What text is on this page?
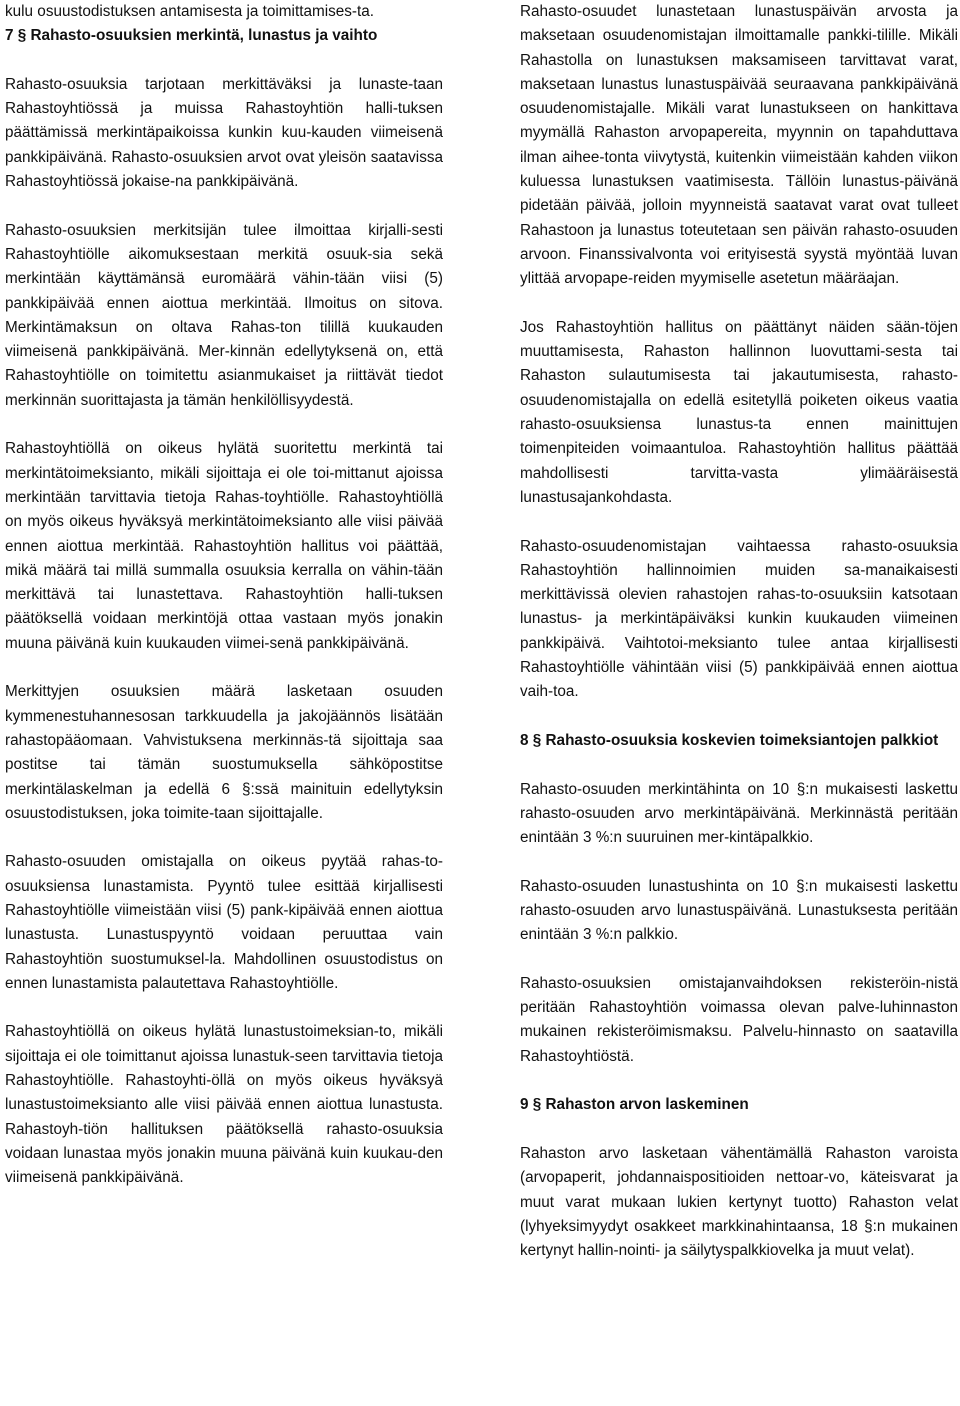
kulu osuustodistuksen antamisesta ja toimittamises-ta.

7 § Rahasto-osuuksien merkintä, lunastus ja vaihto

Rahasto-osuuksia tarjotaan merkittäväksi ja lunaste-taan Rahastoyhtiössä ja muissa Rahastoyhtiön halli-tuksen päättämissä merkintäpaikoissa kunkin kuu-kauden viimeisenä pankkipäivänä. Rahasto-osuuksien arvot ovat yleisön saatavissa Rahastoyhtiössä jokaise-na pankkipäivänä.

Rahasto-osuuksien merkitsijän tulee ilmoittaa kirjalli-sesti Rahastoyhtiölle aikomuksestaan merkitä osuuk-sia sekä merkintään käyttämänsä euromäärä vähin-tään viisi (5) pankkipäivää ennen aiottua merkintää. Ilmoitus on sitova. Merkintämaksun on oltava Rahas-ton tilillä kuukauden viimeisenä pankkipäivänä. Mer-kinnän edellytyksenä on, että Rahastoyhtiölle on toimitettu asianmukaiset ja riittävät tiedot merkinnän suorittajasta ja tämän henkilöllisyydestä.

Rahastoyhtiöllä on oikeus hylätä suoritettu merkintä tai merkintätoimeksianto, mikäli sijoittaja ei ole toi-mittanut ajoissa merkintään tarvittavia tietoja Rahas-toyhtiölle. Rahastoyhtiöllä on myös oikeus hyväksyä merkintätoimeksianto alle viisi päivää ennen aiottua merkintää. Rahastoyhtiön hallitus voi päättää, mikä määrä tai millä summalla osuuksia kerralla on vähin-tään merkittävä tai lunastettava. Rahastoyhtiön halli-tuksen päätöksellä voidaan merkintöjä ottaa vastaan myös jonakin muuna päivänä kuin kuukauden viimei-senä pankkipäivänä.

Merkittyjen osuuksien määrä lasketaan osuuden kymmenestuhannesosan tarkkuudella ja jakojäännös lisätään rahastopääomaan. Vahvistuksena merkinnäs-tä sijoittaja saa postitse tai tämän suostumuksella sähköpostitse merkintälaskelman ja edellä 6 §:ssä mainituin edellytyksin osuustodistuksen, joka toimite-taan sijoittajalle.

Rahasto-osuuden omistajalla on oikeus pyytää rahas-to-osuuksiensa lunastamista. Pyyntö tulee esittää kirjallisesti Rahastoyhtiölle viimeistään viisi (5) pank-kipäivää ennen aiottua lunastusta. Lunastuspyyntö voidaan peruuttaa vain Rahastoyhtiön suostumuksel-la. Mahdollinen osuustodistus on ennen lunastamista palautettava Rahastoyhtiölle.

Rahastoyhtiöllä on oikeus hylätä lunastustoimeksian-to, mikäli sijoittaja ei ole toimittanut ajoissa lunastuk-seen tarvittavia tietoja Rahastoyhtiölle. Rahastoyhti-öllä on myös oikeus hyväksyä lunastustoimeksianto alle viisi päivää ennen aiottua lunastusta. Rahastoyh-tiön hallituksen päätöksellä rahasto-osuuksia voidaan lunastaa myös jonakin muuna päivänä kuin kuukau-den viimeisenä pankkipäivänä.

Rahasto-osuudet lunastetaan lunastuspäivän arvosta ja maksetaan osuudenomistajan ilmoittamalle pankki-tilille. Mikäli Rahastolla on lunastuksen maksamiseen tarvittavat varat, maksetaan lunastus lunastuspäivää seuraavana pankkipäivänä osuudenomistajalle. Mikäli varat lunastukseen on hankittava myymällä Rahaston arvopapereita, myynnin on tapahduttava ilman aihee-tonta viivytystä, kuitenkin viimeistään kahden viikon kuluessa lunastuksen vaatimisesta. Tällöin lunastus-päivänä pidetään päivää, jolloin myynneistä saatavat varat ovat tulleet Rahastoon ja lunastus toteutetaan sen päivän rahasto-osuuden arvoon. Finanssivalvonta voi erityisestä syystä myöntää luvan ylittää arvopape-reiden myymiselle asetetun määräajan.

Jos Rahastoyhtiön hallitus on päättänyt näiden sään-töjen muuttamisesta, Rahaston hallinnon luovuttami-sesta tai Rahaston sulautumisesta tai jakautumisesta, rahasto-osuudenomistajalla on edellä esitetyllä poiketen oikeus vaatia rahasto-osuuksiensa lunastus-ta ennen mainittujen toimenpiteiden voimaantuloa. Rahastoyhtiön hallitus päättää mahdollisesti tarvitta-vasta ylimääräisestä lunastusajankohdasta.

Rahasto-osuudenomistajan vaihtaessa rahasto-osuuksia Rahastoyhtiön hallinnoimien muiden sa-manaikaisesti merkittävissä olevien rahastojen rahas-to-osuuksiin katsotaan lunastus- ja merkintäpäiväksi kunkin kuukauden viimeinen pankkipäivä. Vaihtotoi-meksianto tulee antaa kirjallisesti Rahastoyhtiölle vähintään viisi (5) pankkipäivää ennen aiottua vaih-toa.

8 § Rahasto-osuuksia koskevien toimeksiantojen palkkiot

Rahasto-osuuden merkintähinta on 10 §:n mukaisesti laskettu rahasto-osuuden arvo merkintäpäivänä. Merkinnästä peritään enintään 3 %:n suuruinen mer-kintäpalkkio.

Rahasto-osuuden lunastushinta on 10 §:n mukaisesti laskettu rahasto-osuuden arvo lunastuspäivänä. Lunastuksesta peritään enintään 3 %:n palkkio.

Rahasto-osuuksien omistajanvaihdoksen rekisteröin-nistä peritään Rahastoyhtiön voimassa olevan palve-luhinnaston mukainen rekisteröimismaksu. Palvelu-hinnasto on saatavilla Rahastoyhtiöstä.

9 § Rahaston arvon laskeminen

Rahaston arvo lasketaan vähentämällä Rahaston varoista (arvopaperit, johdannaispositioiden nettoar-vo, käteisvarat ja muut varat mukaan lukien kertynyt tuotto) Rahaston velat (lyhyeksimyydyt osakkeet markkinahintaansa, 18 §:n mukainen kertynyt hallin-nointi- ja säilytyspalkkiovelka ja muut velat).
